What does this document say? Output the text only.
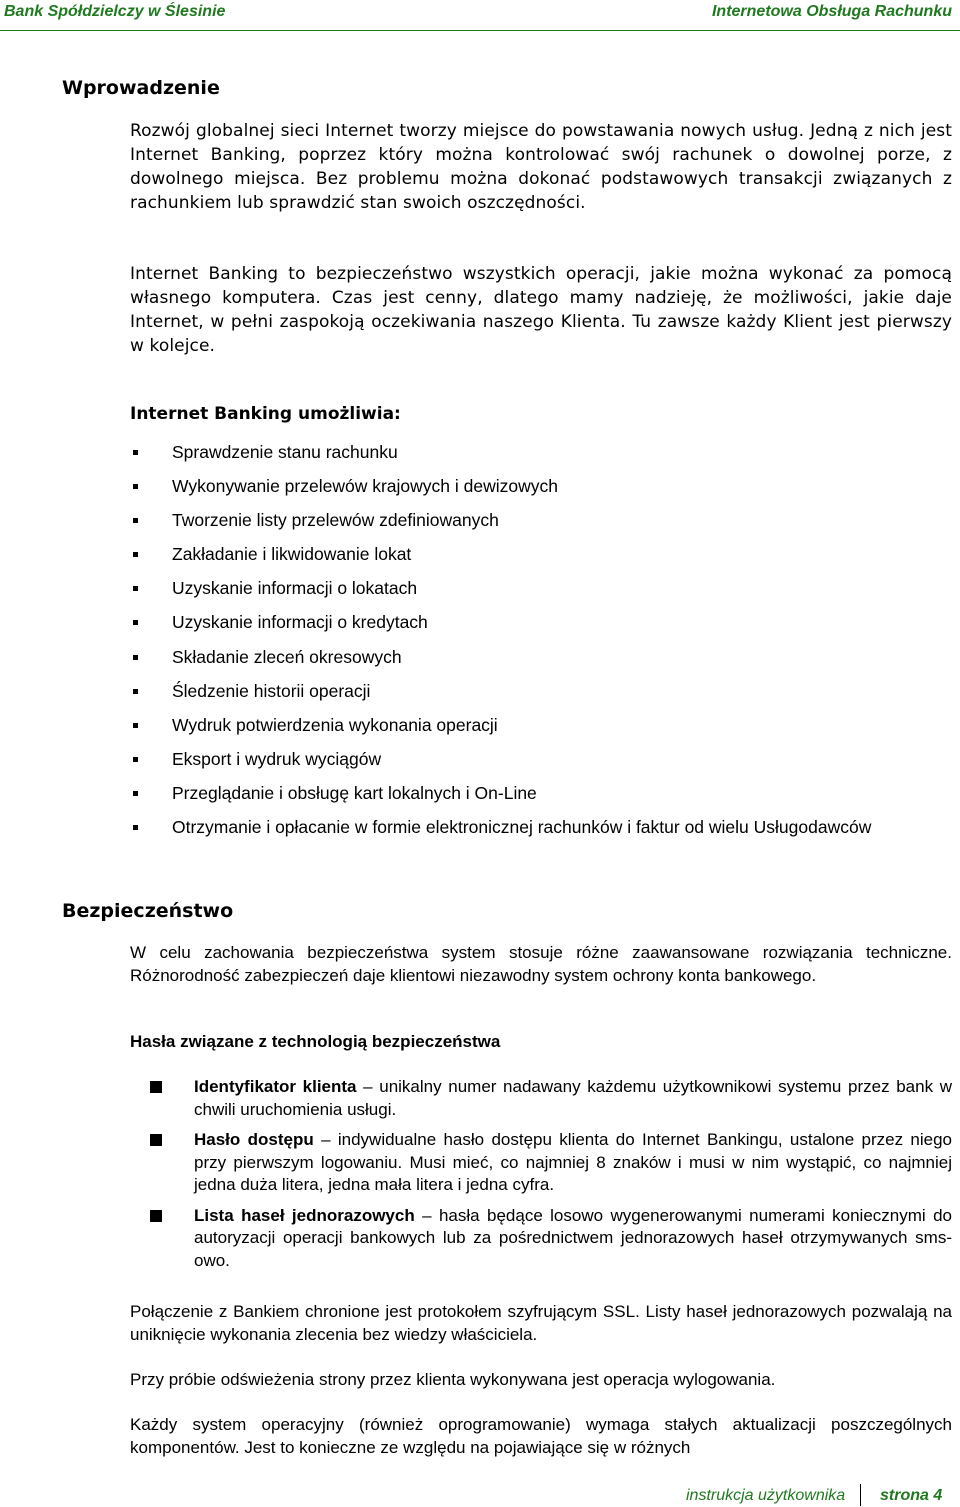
Bank Spółdzielczy w Ślesinie	Internetowa Obsługa Rachunku
Wprowadzenie
Rozwój globalnej sieci Internet tworzy miejsce do powstawania nowych usług. Jedną z nich jest Internet Banking, poprzez który można kontrolować swój rachunek o dowolnej porze, z dowolnego miejsca. Bez problemu można dokonać podstawowych transakcji związanych z rachunkiem lub sprawdzić stan swoich oszczędności.
Internet Banking to bezpieczeństwo wszystkich operacji, jakie można wykonać za pomocą własnego komputera. Czas jest cenny, dlatego mamy nadzieję, że możliwości, jakie daje Internet, w pełni zaspokoją oczekiwania naszego Klienta. Tu zawsze każdy Klient jest pierwszy w kolejce.
Internet Banking umożliwia:
Sprawdzenie stanu rachunku
Wykonywanie przelewów krajowych i dewizowych
Tworzenie listy przelewów zdefiniowanych
Zakładanie i likwidowanie lokat
Uzyskanie informacji o lokatach
Uzyskanie informacji o kredytach
Składanie zleceń okresowych
Śledzenie historii operacji
Wydruk potwierdzenia wykonania operacji
Eksport i wydruk wyciągów
Przeglądanie i obsługę kart lokalnych i On-Line
Otrzymanie i opłacanie w formie elektronicznej rachunków i faktur od wielu Usługodawców
Bezpieczeństwo
W celu zachowania bezpieczeństwa system stosuje różne zaawansowane rozwiązania techniczne. Różnorodność zabezpieczeń daje klientowi niezawodny system ochrony konta bankowego.
Hasła związane z technologią bezpieczeństwa
Identyfikator klienta – unikalny numer nadawany każdemu użytkownikowi systemu przez bank w chwili uruchomienia usługi.
Hasło dostępu – indywidualne hasło dostępu klienta do Internet Bankingu, ustalone przez niego przy pierwszym logowaniu. Musi mieć, co najmniej 8 znaków i musi w nim wystąpić, co najmniej jedna duża litera, jedna mała litera i jedna cyfra.
Lista haseł jednorazowych – hasła będące losowo wygenerowanymi numerami koniecznymi do autoryzacji operacji bankowych lub za pośrednictwem jednorazowych haseł otrzymywanych sms-owo.
Połączenie z Bankiem chronione jest protokołem szyfrującym SSL. Listy haseł jednorazowych pozwalają na uniknięcie wykonania zlecenia bez wiedzy właściciela.
Przy próbie odświeżenia strony przez klienta wykonywana jest operacja wylogowania.
Każdy system operacyjny (również oprogramowanie) wymaga stałych aktualizacji poszczególnych komponentów. Jest to konieczne ze względu na pojawiające się w różnych
instrukcja użytkownika strona 4
